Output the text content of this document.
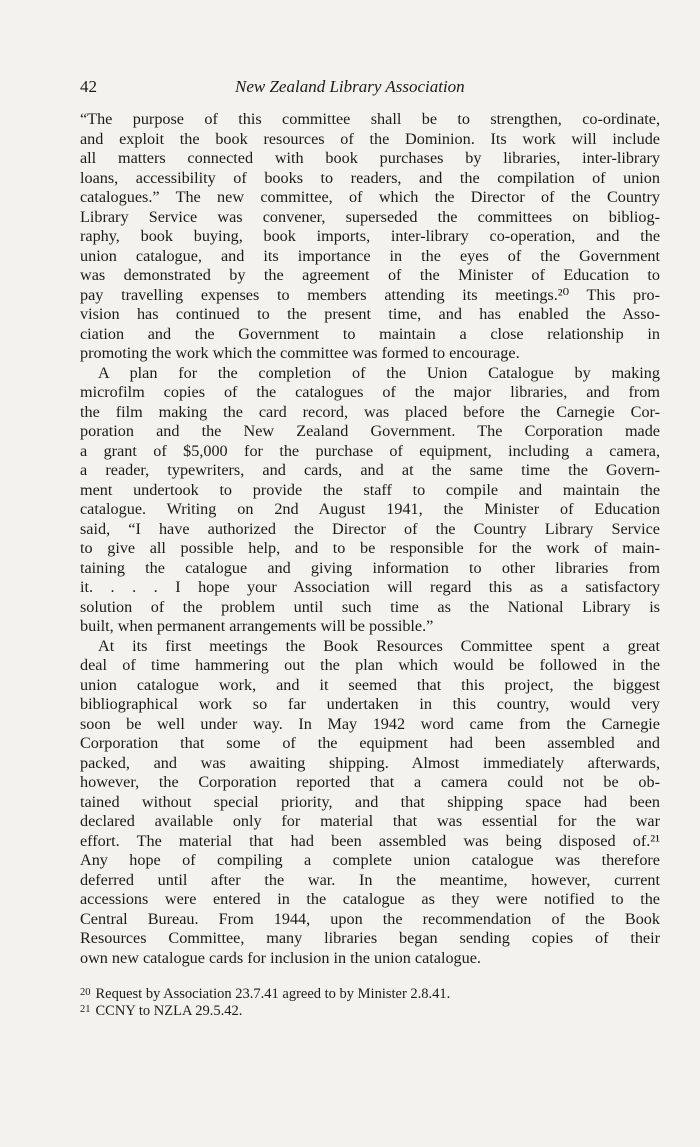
42	New Zealand Library Association
“The purpose of this committee shall be to strengthen, co-ordinate,
and exploit the book resources of the Dominion. Its work will include
all matters connected with book purchases by libraries, inter-library
loans, accessibility of books to readers, and the compilation of union
catalogues.” The new committee, of which the Director of the Country
Library Service was convener, superseded the committees on bibliog-
raphy, book buying, book imports, inter-library co-operation, and the
union catalogue, and its importance in the eyes of the Government
was demonstrated by the agreement of the Minister of Education to
pay travelling expenses to members attending its meetings.²⁰ This pro-
vision has continued to the present time, and has enabled the Asso-
ciation and the Government to maintain a close relationship in
promoting the work which the committee was formed to encourage.
A plan for the completion of the Union Catalogue by making
microfilm copies of the catalogues of the major libraries, and from
the film making the card record, was placed before the Carnegie Cor-
poration and the New Zealand Government. The Corporation made
a grant of $5,000 for the purchase of equipment, including a camera,
a reader, typewriters, and cards, and at the same time the Govern-
ment undertook to provide the staff to compile and maintain the
catalogue. Writing on 2nd August 1941, the Minister of Education
said, “I have authorized the Director of the Country Library Service
to give all possible help, and to be responsible for the work of main-
taining the catalogue and giving information to other libraries from
it. . . . I hope your Association will regard this as a satisfactory
solution of the problem until such time as the National Library is
built, when permanent arrangements will be possible.”
At its first meetings the Book Resources Committee spent a great
deal of time hammering out the plan which would be followed in the
union catalogue work, and it seemed that this project, the biggest
bibliographical work so far undertaken in this country, would very
soon be well under way. In May 1942 word came from the Carnegie
Corporation that some of the equipment had been assembled and
packed, and was awaiting shipping. Almost immediately afterwards,
however, the Corporation reported that a camera could not be ob-
tained without special priority, and that shipping space had been
declared available only for material that was essential for the war
effort. The material that had been assembled was being disposed of.²¹
Any hope of compiling a complete union catalogue was therefore
deferred until after the war. In the meantime, however, current
accessions were entered in the catalogue as they were notified to the
Central Bureau. From 1944, upon the recommendation of the Book
Resources Committee, many libraries began sending copies of their
own new catalogue cards for inclusion in the union catalogue.
$^{20}$ Request by Association 23.7.41 agreed to by Minister 2.8.41.
$^{21}$ CCNY to NZLA 29.5.42.
